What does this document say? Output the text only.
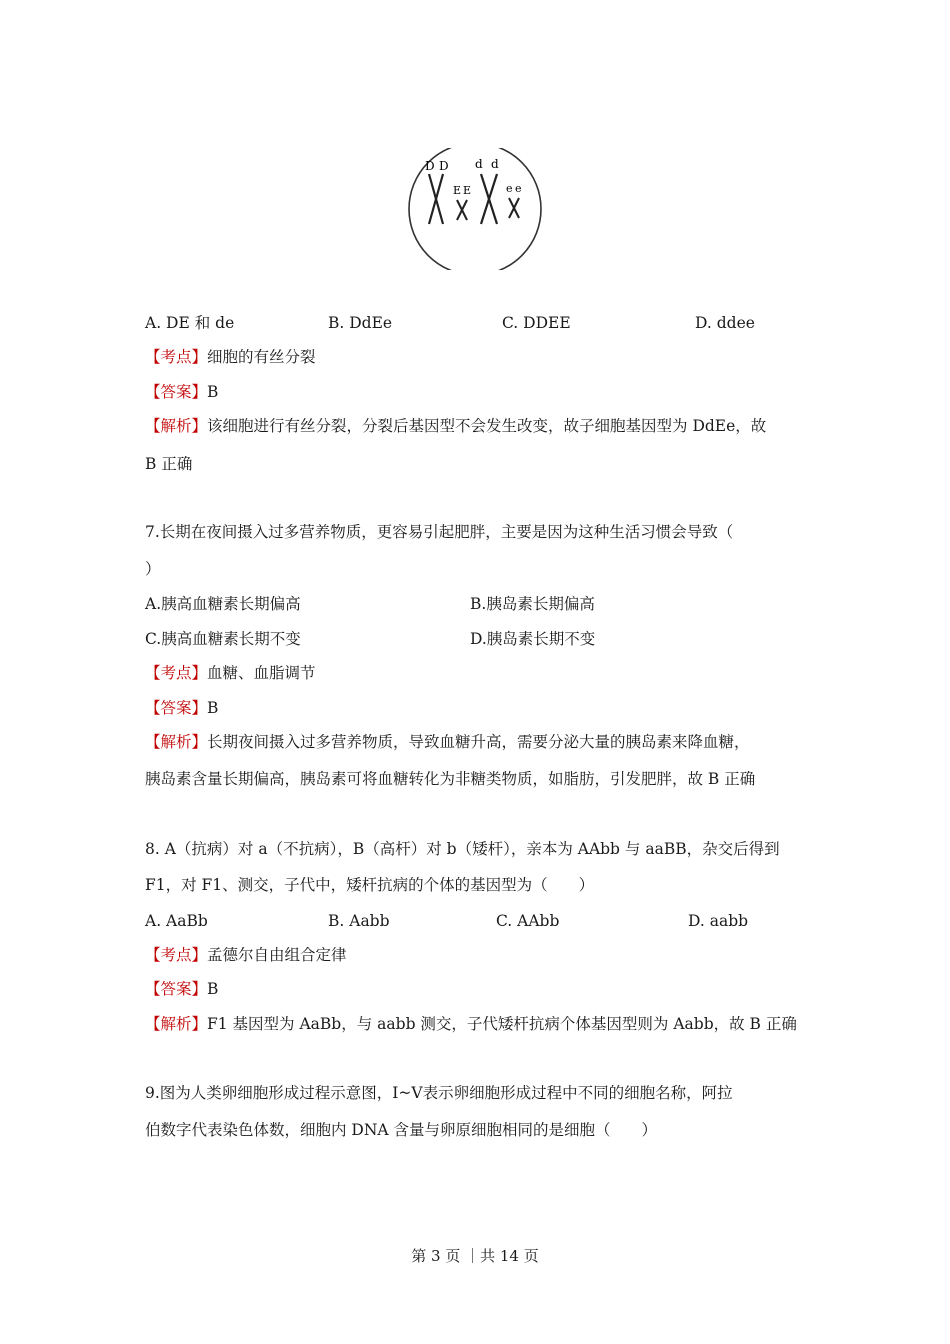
D D
E E
d d
e e
A. DE 和 de	B. DdEe	C. DDEE	D. ddee
【考点】细胞的有丝分裂
【答案】B
【解析】该细胞进行有丝分裂，分裂后基因型不会发生改变，故子细胞基因型为 DdEe，故
B 正确
7.长期在夜间摄入过多营养物质，更容易引起肥胖，主要是因为这种生活习惯会导致（
）
A.胰高血糖素长期偏高	B.胰岛素长期偏高
C.胰高血糖素长期不变	D.胰岛素长期不变
【考点】血糖、血脂调节
【答案】B
【解析】长期夜间摄入过多营养物质，导致血糖升高，需要分泌大量的胰岛素来降血糖，
胰岛素含量长期偏高，胰岛素可将血糖转化为非糖类物质，如脂肪，引发肥胖，故 B 正确
8. A（抗病）对 a（不抗病），B（高杆）对 b（矮杆），亲本为 AAbb 与 aaBB，杂交后得到
F1，对 F1、测交，子代中，矮杆抗病的个体的基因型为（　　）
A. AaBb	B. Aabb	C. AAbb	D. aabb
【考点】孟德尔自由组合定律
【答案】B
【解析】F1 基因型为 AaBb，与 aabb 测交，子代矮杆抗病个体基因型则为 Aabb，故 B 正确
9.图为人类卵细胞形成过程示意图，Ⅰ~Ⅴ表示卵细胞形成过程中不同的细胞名称，阿拉
伯数字代表染色体数，细胞内 DNA 含量与卵原细胞相同的是细胞（　　）
第 3 页 ｜共 14 页
